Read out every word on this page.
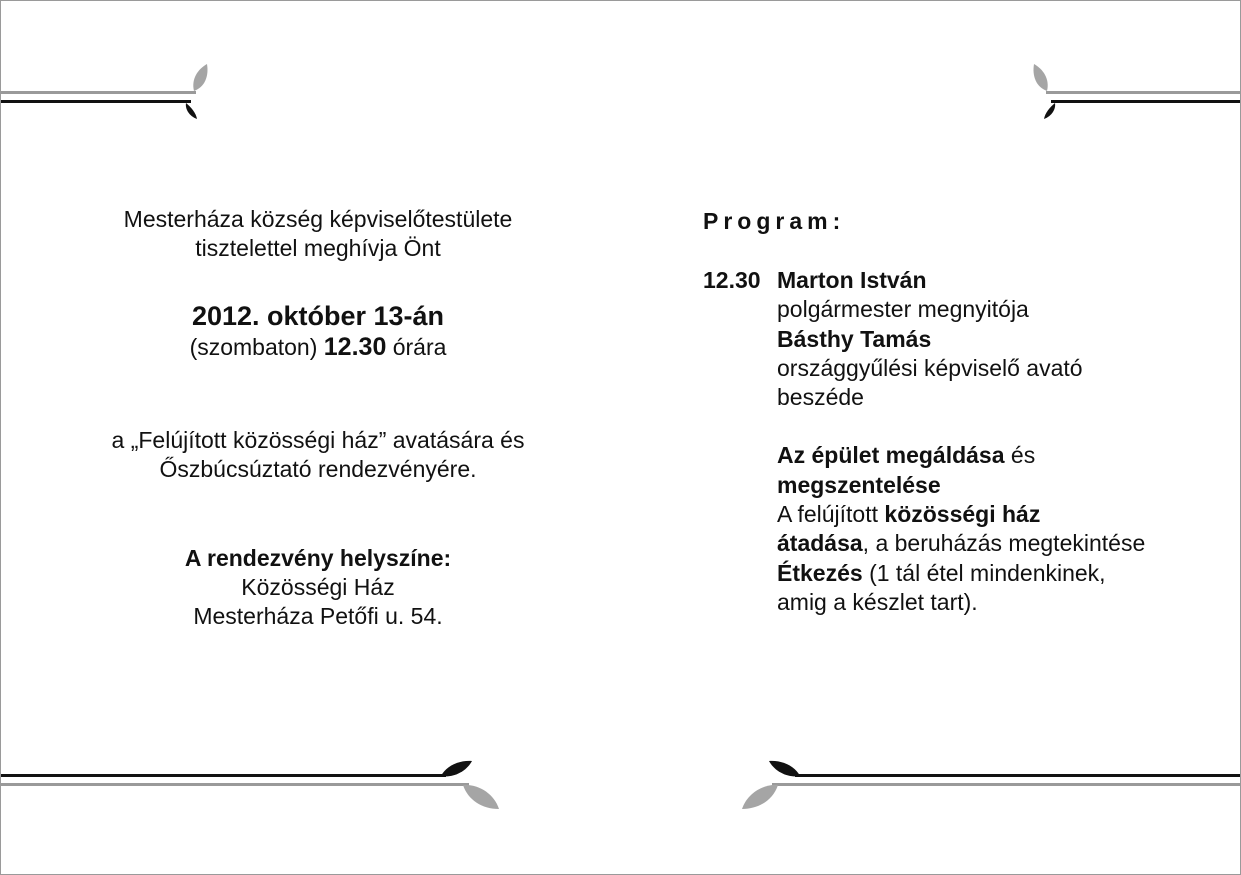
Mesterháza község képviselőtestülete
tisztelettel meghívja Önt
2012. október 13-án
(szombaton) 12.30 órára
a „Felújított közösségi ház” avatására és
Őszbúcsúztató rendezvényére.
A rendezvény helyszíne:
Közösségi Ház
Mesterháza Petőfi u. 54.
Program:
12.30 Marton István
polgármester megnyitója
Básthy Tamás
országgyűlési képviselő avató
beszéde
Az épület megáldása és
megszentelése
A felújított közösségi ház
átadása, a beruházás megtekintése
Étkezés (1 tál étel mindenkinek,
amig a készlet tart).
